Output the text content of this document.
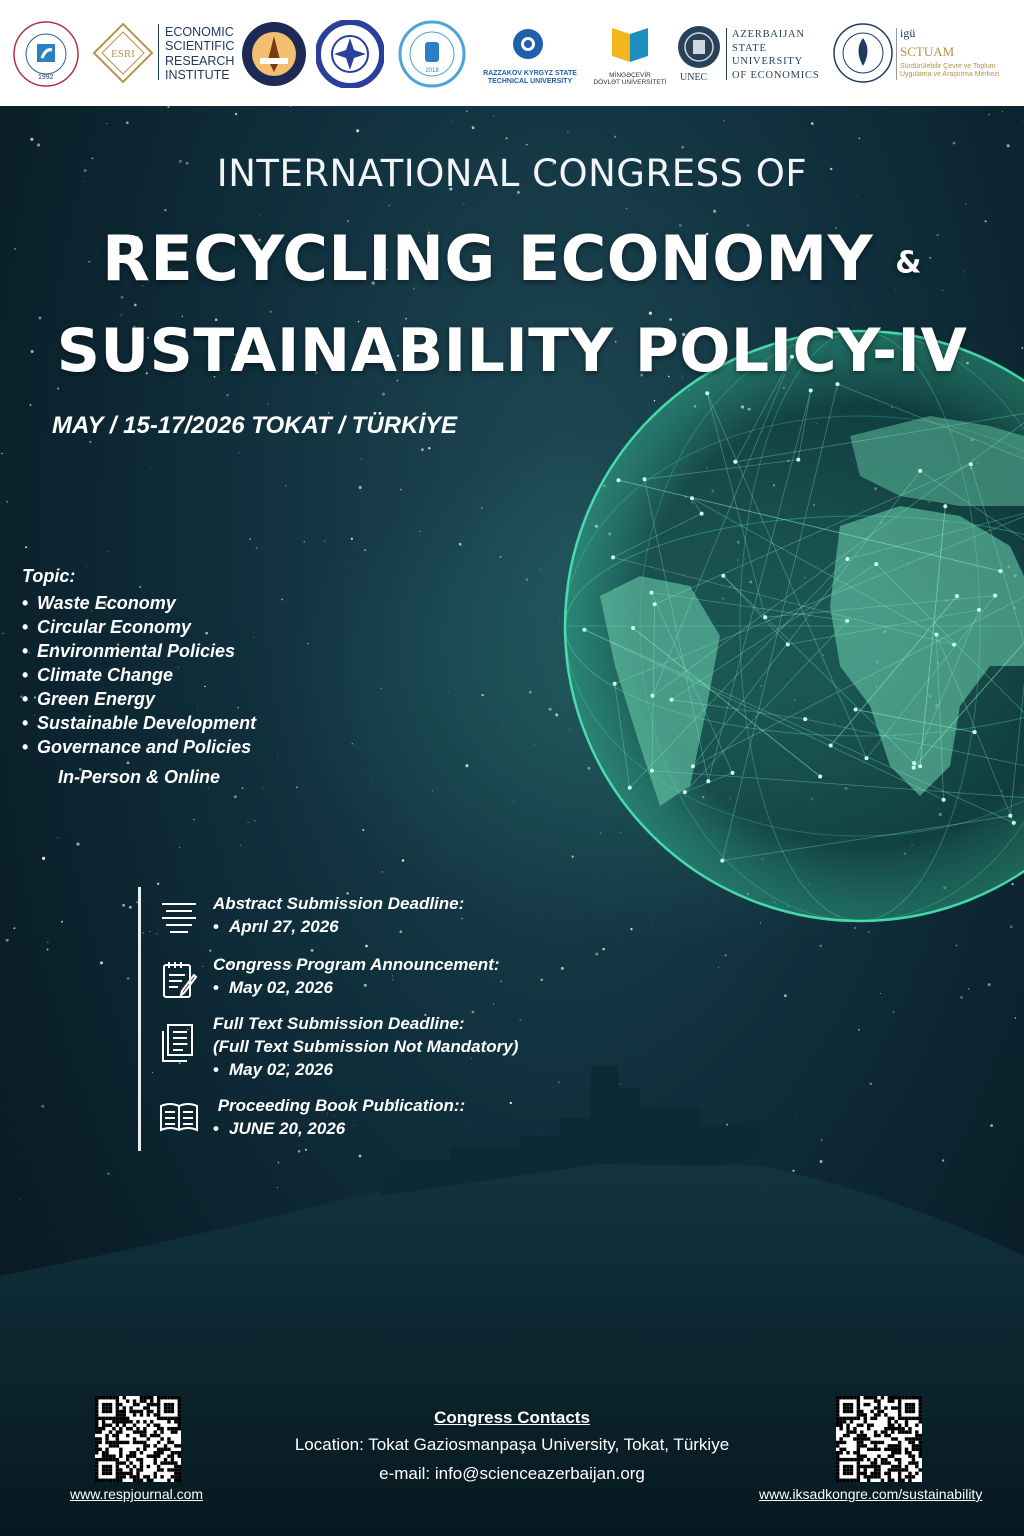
1992
ESRI
ECONOMIC
SCIENTIFIC
RESEARCH
INSTITUTE	2018	RAZZAKOV KYRGYZ STATE
TECHNICAL UNIVERSITY
MİNGƏÇEVİR
DÖVLƏT UNİVERSİTETİ	UNEC
AZERBAIJAN
STATE
UNIVERSITY
OF ECONOMICS
igü
SCTUAM
Sürdürülebilir Çevre ve Toplum
Uygulama ve Araştırma Merkezi
INTERNATIONAL CONGRESS OF
RECYCLING ECONOMY &
SUSTAINABILITY POLICY-IV
MAY / 15-17/2026 TOKAT / TÜRKİYE
Topic:
• Waste Economy
• Circular Economy
• Environmental Policies
• Climate Change
• Green Energy
• Sustainable Development
• Governance and Policies
In-Person & Online
Abstract Submission Deadline:
• Aprıl 27, 2026
Congress Program Announcement:
• May 02, 2026
Full Text Submission Deadline:
(Full Text Submission Not Mandatory)
• May 02, 2026
Proceeding Book Publication::
• JUNE 20, 2026
www.respjournal.com
Congress Contacts
Location: Tokat Gaziosmanpaşa University, Tokat, Türkiye
e-mail: info@scienceazerbaijan.org
www.iksadkongre.com/sustainability
